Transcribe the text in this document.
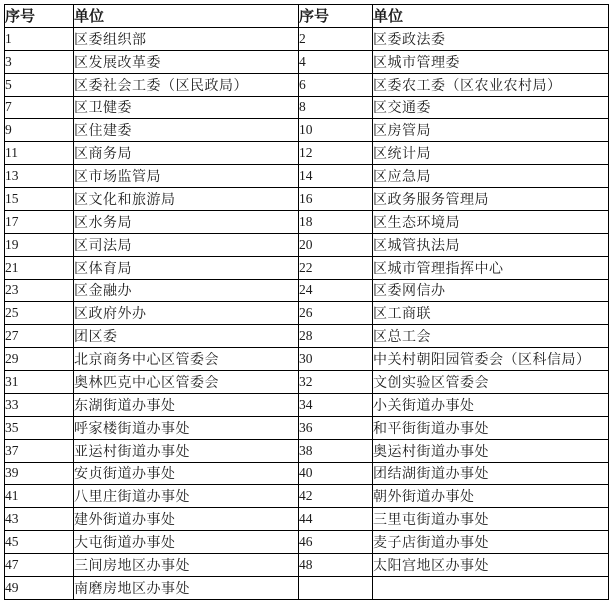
序号	单位	序号	单位
1	区委组织部	2	区委政法委
3	区发展改革委	4	区城市管理委
5	区委社会工委（区民政局）	6	区委农工委（区农业农村局）
7	区卫健委	8	区交通委
9	区住建委	10	区房管局
11	区商务局	12	区统计局
13	区市场监管局	14	区应急局
15	区文化和旅游局	16	区政务服务管理局
17	区水务局	18	区生态环境局
19	区司法局	20	区城管执法局
21	区体育局	22	区城市管理指挥中心
23	区金融办	24	区委网信办
25	区政府外办	26	区工商联
27	团区委	28	区总工会
29	北京商务中心区管委会	30	中关村朝阳园管委会（区科信局）
31	奥林匹克中心区管委会	32	文创实验区管委会
33	东湖街道办事处	34	小关街道办事处
35	呼家楼街道办事处	36	和平街街道办事处
37	亚运村街道办事处	38	奥运村街道办事处
39	安贞街道办事处	40	团结湖街道办事处
41	八里庄街道办事处	42	朝外街道办事处
43	建外街道办事处	44	三里屯街道办事处
45	大屯街道办事处	46	麦子店街道办事处
47	三间房地区办事处	48	太阳宫地区办事处
49	南磨房地区办事处		
